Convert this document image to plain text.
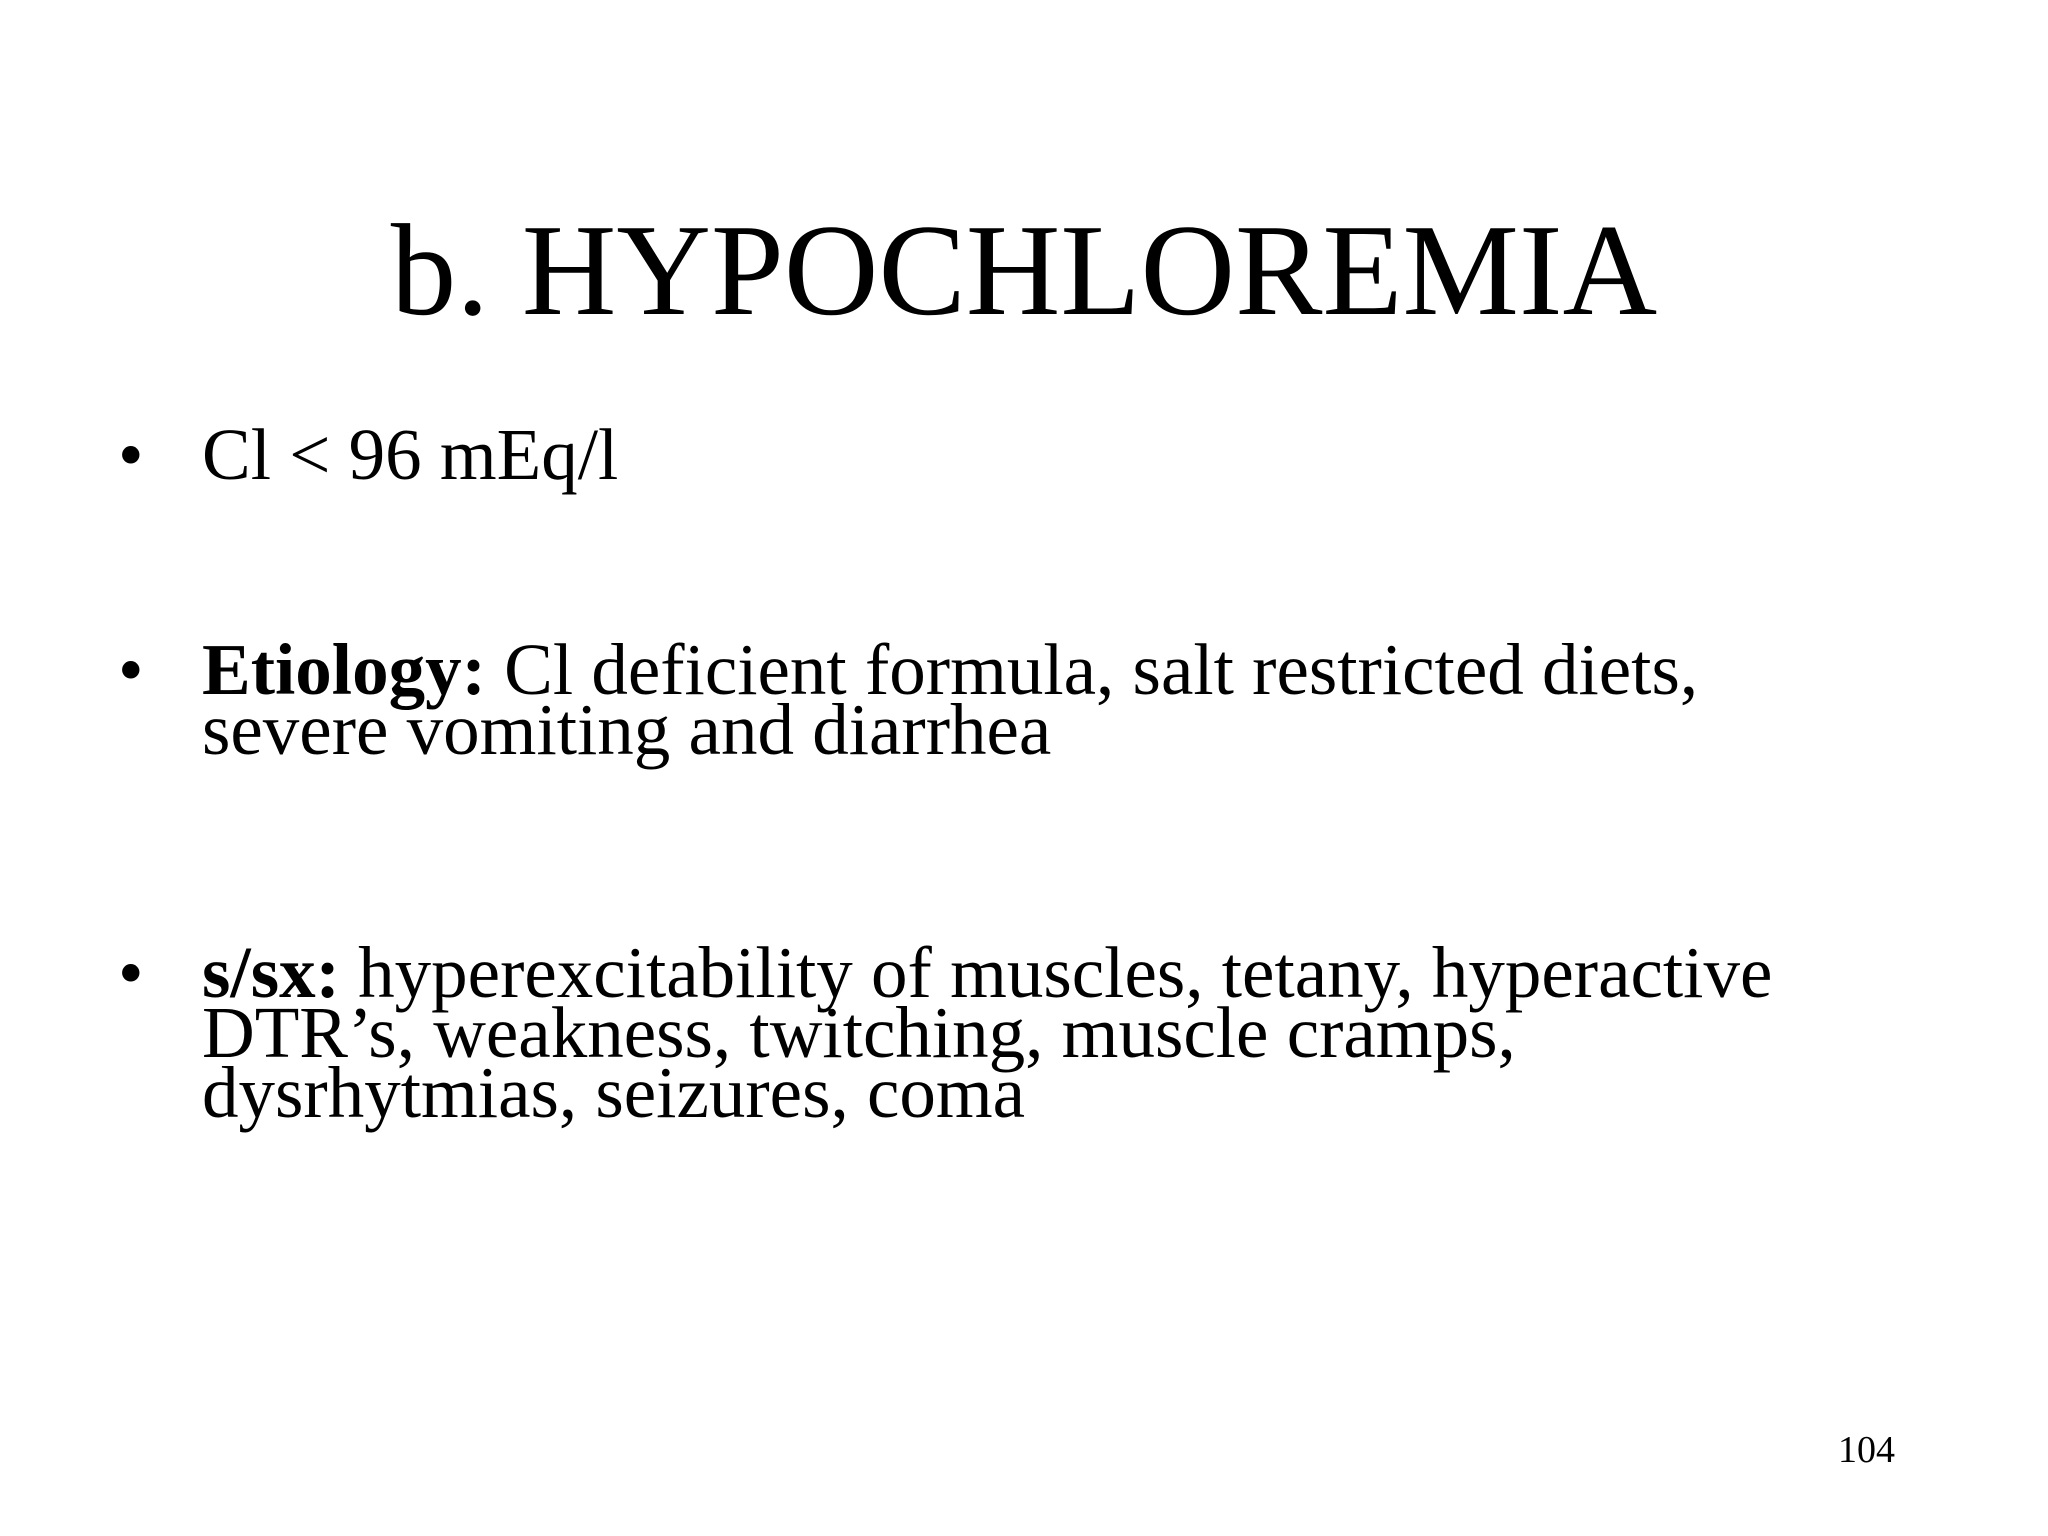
b. HYPOCHLOREMIA
• Cl < 96 mEq/l
• Etiology: Cl deficient formula, salt restricted diets,
severe vomiting and diarrhea
• s/sx: hyperexcitability of muscles, tetany, hyperactive
DTR’s, weakness, twitching, muscle cramps,
dysrhytmias, seizures, coma
104
